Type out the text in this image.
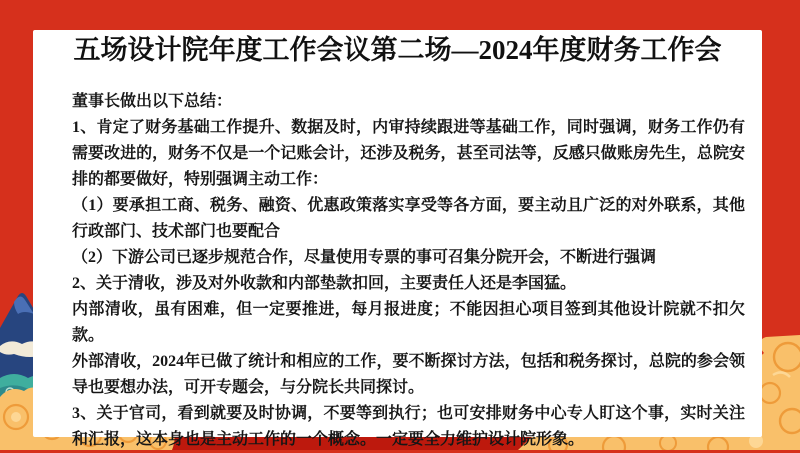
五场设计院年度工作会议第二场—2024年度财务工作会

董事长做出以下总结：

1、肯定了财务基础工作提升、数据及时，内审持续跟进等基础工作，同时强调，财务工作仍有需要改进的，财务不仅是一个记账会计，还涉及税务，甚至司法等，反感只做账房先生，总院安排的都要做好，特别强调主动工作：

（1）要承担工商、税务、融资、优惠政策落实享受等各方面，要主动且广泛的对外联系，其他行政部门、技术部门也要配合

（2）下游公司已逐步规范合作，尽量使用专票的事可召集分院开会，不断进行强调

2、关于清收，涉及对外收款和内部垫款扣回，主要责任人还是李国猛。

内部清收，虽有困难，但一定要推进，每月报进度；不能因担心项目签到其他设计院就不扣欠款。

外部清收，2024年已做了统计和相应的工作，要不断探讨方法，包括和税务探讨，总院的参会领导也要想办法，可开专题会，与分院长共同探讨。

3、关于官司，看到就要及时协调，不要等到执行；也可安排财务中心专人盯这个事，实时关注和汇报，这本身也是主动工作的一个概念。一定要全力维护设计院形象。
